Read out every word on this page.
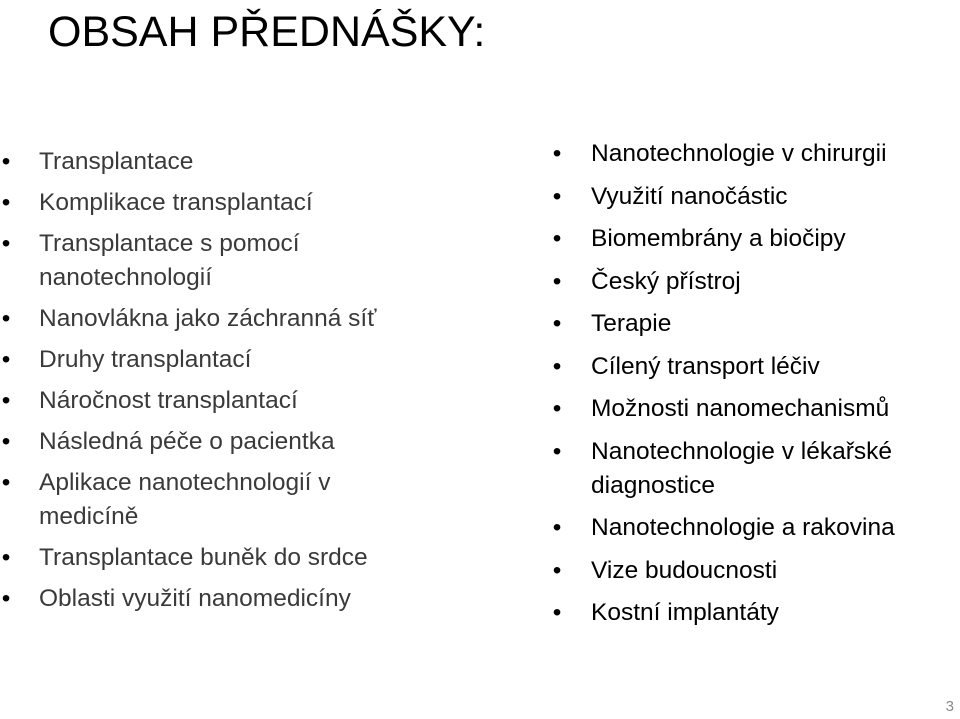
OBSAH PŘEDNÁŠKY:
•	Transplantace
•	Komplikace transplantací
•	Transplantace s pomocí
nanotechnologií
•	Nanovlákna jako záchranná síť
•	Druhy transplantací
•	Náročnost transplantací
•	Následná péče o pacientka
•	Aplikace nanotechnologií v
medicíně
•	Transplantace buněk do srdce
•	Oblasti využití nanomedicíny
•	Nanotechnologie v chirurgii
•	Využití nanočástic
•	Biomembrány a biočipy
•	Český přístroj
•	Terapie
•	Cílený transport léčiv
•	Možnosti nanomechanismů
•	Nanotechnologie v lékařské
diagnostice
•	Nanotechnologie a rakovina
•	Vize budoucnosti
•	Kostní implantáty
3
